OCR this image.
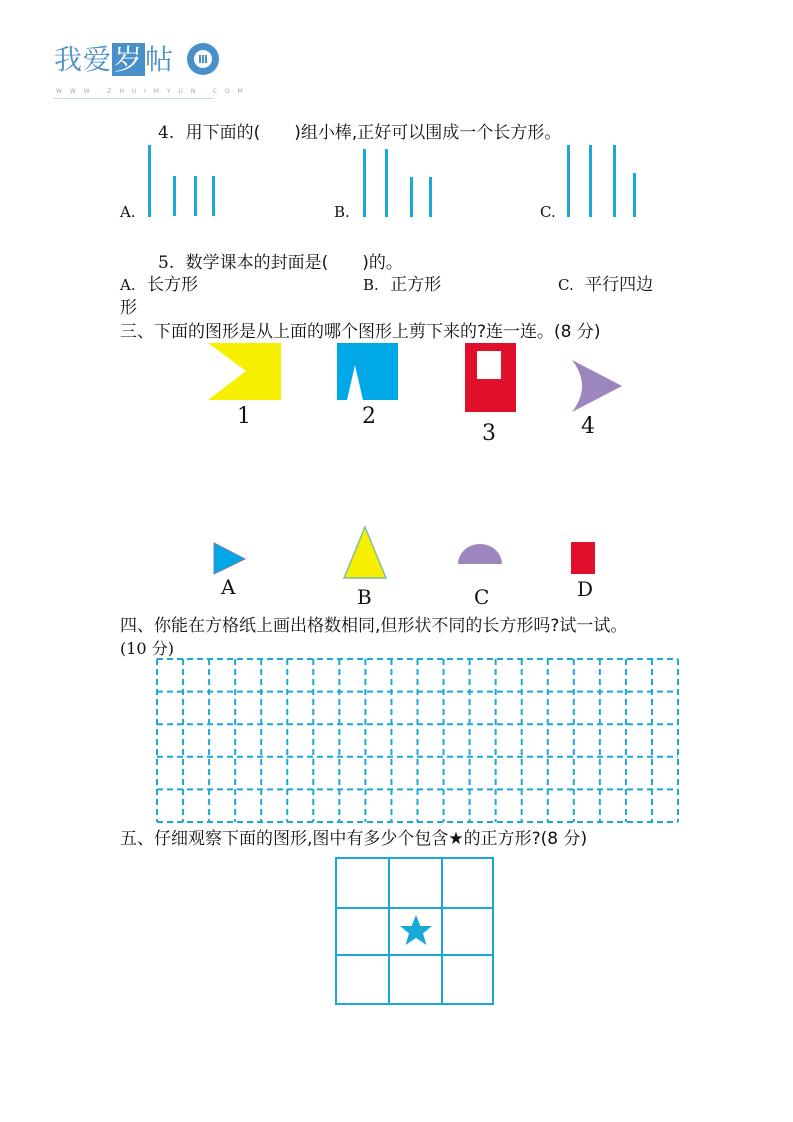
我爱岁帖
W W W . Z H U I M Y U N . C O M
4. 用下面的(　　)组小棒,正好可以围成一个长方形。
A.	B.	C.
5. 数学课本的封面是(　　)的。
A. 长方形	B. 正方形	C. 平行四边
形
三、下面的图形是从上面的哪个图形上剪下来的?连一连。(8 分)
1	2
3	4
A	B	C	D
四、你能在方格纸上画出格数相同,但形状不同的长方形吗?试一试。
(10 分)
五、仔细观察下面的图形,图中有多少个包含★的正方形?(8 分)
